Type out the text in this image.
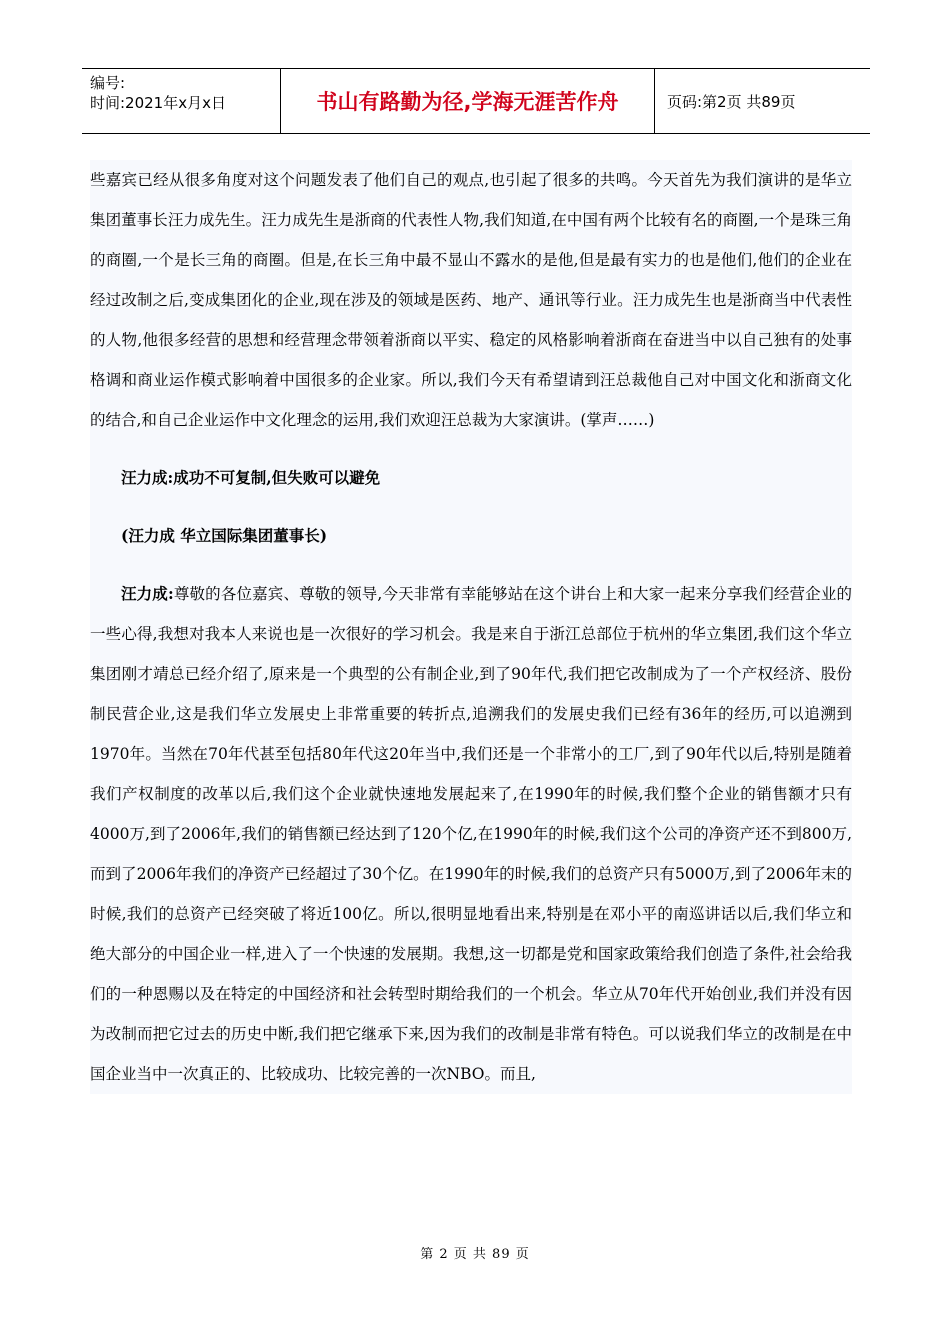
编号:
时间:2021年x月x日	书山有路勤为径,学海无涯苦作舟	页码:第2页 共89页

些嘉宾已经从很多角度对这个问题发表了他们自己的观点,也引起了很多的共鸣。今天首先为我们演讲的是华立集团董事长汪力成先生。汪力成先生是浙商的代表性人物,我们知道,在中国有两个比较有名的商圈,一个是珠三角的商圈,一个是长三角的商圈。但是,在长三角中最不显山不露水的是他,但是最有实力的也是他们,他们的企业在经过改制之后,变成集团化的企业,现在涉及的领域是医药、地产、通讯等行业。汪力成先生也是浙商当中代表性的人物,他很多经营的思想和经营理念带领着浙商以平实、稳定的风格影响着浙商在奋进当中以自己独有的处事格调和商业运作模式影响着中国很多的企业家。所以,我们今天有希望请到汪总裁他自己对中国文化和浙商文化的结合,和自己企业运作中文化理念的运用,我们欢迎汪总裁为大家演讲。(掌声……)

汪力成:成功不可复制,但失败可以避免

(汪力成 华立国际集团董事长)

汪力成:尊敬的各位嘉宾、尊敬的领导,今天非常有幸能够站在这个讲台上和大家一起来分享我们经营企业的一些心得,我想对我本人来说也是一次很好的学习机会。我是来自于浙江总部位于杭州的华立集团,我们这个华立集团刚才靖总已经介绍了,原来是一个典型的公有制企业,到了90年代,我们把它改制成为了一个产权经济、股份制民营企业,这是我们华立发展史上非常重要的转折点,追溯我们的发展史我们已经有36年的经历,可以追溯到1970年。当然在70年代甚至包括80年代这20年当中,我们还是一个非常小的工厂,到了90年代以后,特别是随着我们产权制度的改革以后,我们这个企业就快速地发展起来了,在1990年的时候,我们整个企业的销售额才只有4000万,到了2006年,我们的销售额已经达到了120个亿,在1990年的时候,我们这个公司的净资产还不到800万,而到了2006年我们的净资产已经超过了30个亿。在1990年的时候,我们的总资产只有5000万,到了2006年末的时候,我们的总资产已经突破了将近100亿。所以,很明显地看出来,特别是在邓小平的南巡讲话以后,我们华立和绝大部分的中国企业一样,进入了一个快速的发展期。我想,这一切都是党和国家政策给我们创造了条件,社会给我们的一种恩赐以及在特定的中国经济和社会转型时期给我们的一个机会。华立从70年代开始创业,我们并没有因为改制而把它过去的历史中断,我们把它继承下来,因为我们的改制是非常有特色。可以说我们华立的改制是在中国企业当中一次真正的、比较成功、比较完善的一次NBO。而且,

第 2 页 共 89 页
